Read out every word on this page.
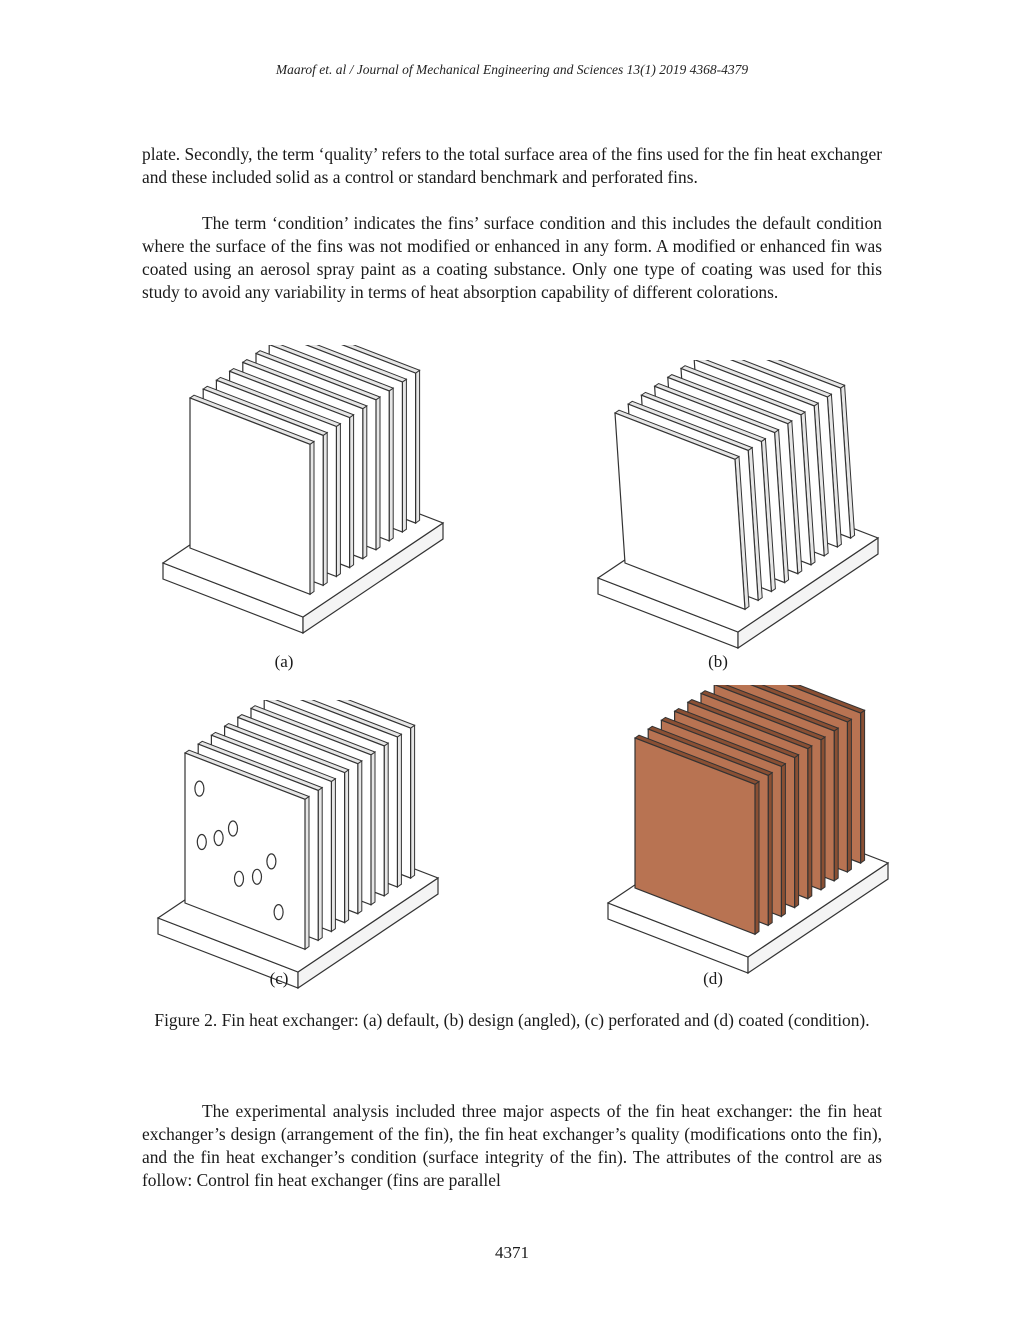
Maarof et. al / Journal of Mechanical Engineering and Sciences 13(1) 2019 4368-4379

plate. Secondly, the term ‘quality’ refers to the total surface area of the fins used for the fin heat exchanger and these included solid as a control or standard benchmark and perforated fins.

The term ‘condition’ indicates the fins’ surface condition and this includes the default condition where the surface of the fins was not modified or enhanced in any form. A modified or enhanced fin was coated using an aerosol spray paint as a coating substance. Only one type of coating was used for this study to avoid any variability in terms of heat absorption capability of different colorations.

(a)	(b)
(c)	(d)
Figure 2. Fin heat exchanger: (a) default, (b) design (angled), (c) perforated and (d) coated (condition).

The experimental analysis included three major aspects of the fin heat exchanger: the fin heat exchanger’s design (arrangement of the fin), the fin heat exchanger’s quality (modifications onto the fin), and the fin heat exchanger’s condition (surface integrity of the fin). The attributes of the control are as follow: Control fin heat exchanger (fins are parallel

4371
